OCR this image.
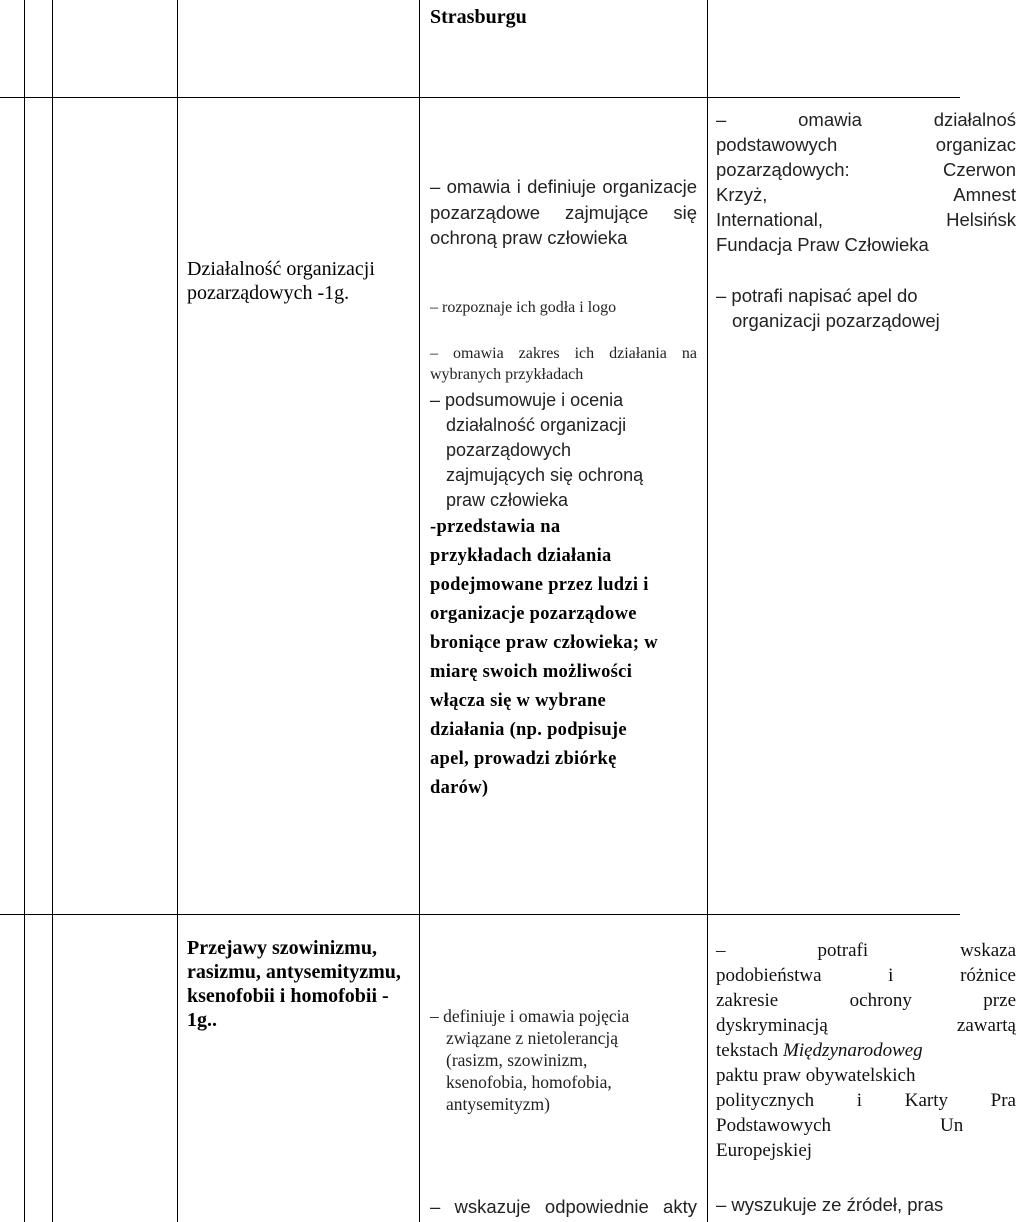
Strasburgu
Działalność organizacji pozarządowych -1g.

– omawia i definiuje organizacje pozarządowe zajmujące się ochroną praw człowieka

– rozpoznaje ich godła i logo

– omawia zakres ich działania na wybranych przykładach

– podsumowuje i ocenia
działalność organizacji
pozarządowych
zajmujących się ochroną
praw człowieka
-przedstawia na
przykładach działania
podejmowane przez ludzi i
organizacje pozarządowe
broniące praw człowieka; w
miarę swoich możliwości
włącza się w wybrane
działania (np. podpisuje
apel, prowadzi zbiórkę
darów)
– omawia działalnoś
podstawowych organizac
pozarządowych: Czerwon
Krzyż, Amnest
International, Helsińsk
Fundacja Praw Człowieka
– potrafi napisać apel do
organizacji pozarządowej
Przejawy szowinizmu, rasizmu, antysemityzmu, ksenofobii i homofobii - 1g..	– definiuje i omawia pojęcia
związane z nietolerancją
(rasizm, szowinizm,
ksenofobia, homofobia,
antysemityzm)
– wskazuje odpowiednie akty
– potrafi wskaza
podobieństwa i różnice
zakresie ochrony prze
dyskryminacją zawartą
tekstach Międzynarodoweg
paktu praw obywatelskich
politycznych i Karty Pra
Podstawowych	Un
Europejskiej
– wyszukuje ze źródeł, pras
